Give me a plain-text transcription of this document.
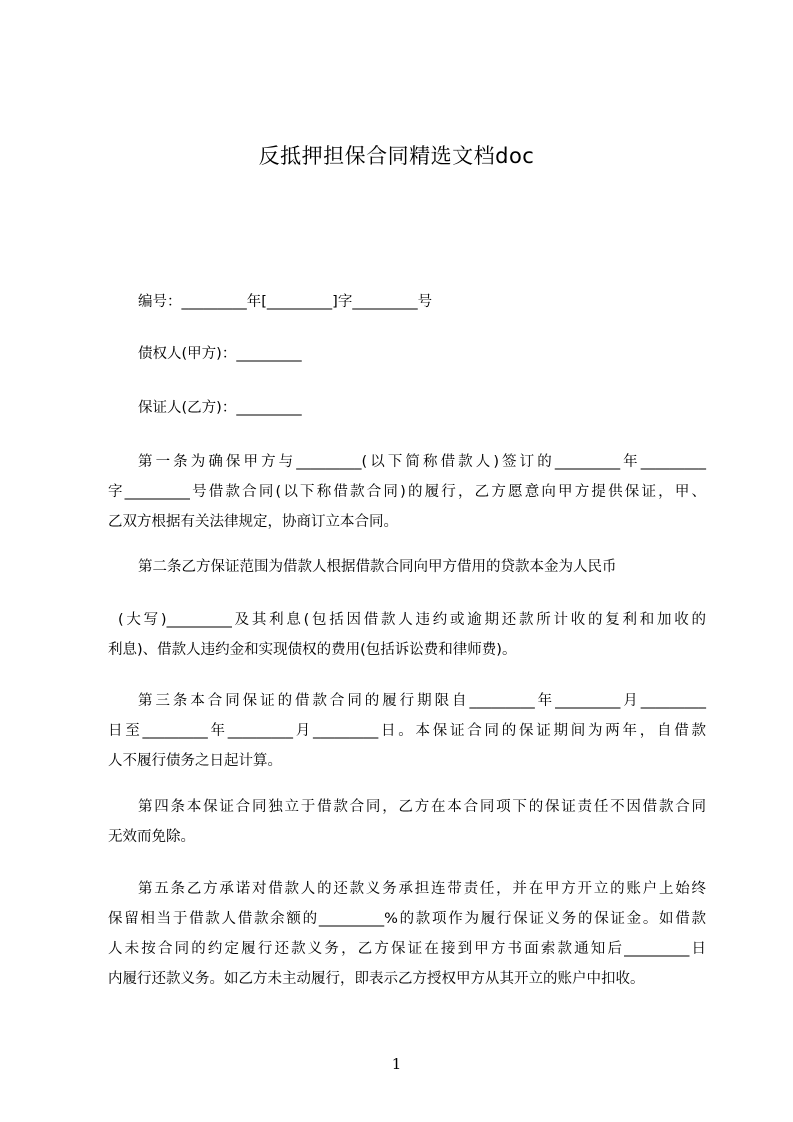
反抵押担保合同精选文档doc
编号：_________年[_________]字_________号
债权人(甲方)：_________
保证人(乙方)：_________
第一条为确保甲方与_________(以下简称借款人)签订的_________年_________
字_________号借款合同(以下称借款合同)的履行，乙方愿意向甲方提供保证，甲、
乙双方根据有关法律规定，协商订立本合同。
第二条乙方保证范围为借款人根据借款合同向甲方借用的贷款本金为人民币
(大写)_________及其利息(包括因借款人违约或逾期还款所计收的复利和加收的
利息)、借款人违约金和实现债权的费用(包括诉讼费和律师费)。
第三条本合同保证的借款合同的履行期限自_________年_________月_________
日至_________年_________月_________日。本保证合同的保证期间为两年，自借款
人不履行债务之日起计算。
第四条本保证合同独立于借款合同，乙方在本合同项下的保证责任不因借款合同
无效而免除。
第五条乙方承诺对借款人的还款义务承担连带责任，并在甲方开立的账户上始终
保留相当于借款人借款余额的_________%的款项作为履行保证义务的保证金。如借款
人未按合同的约定履行还款义务，乙方保证在接到甲方书面索款通知后_________日
内履行还款义务。如乙方未主动履行，即表示乙方授权甲方从其开立的账户中扣收。
1
